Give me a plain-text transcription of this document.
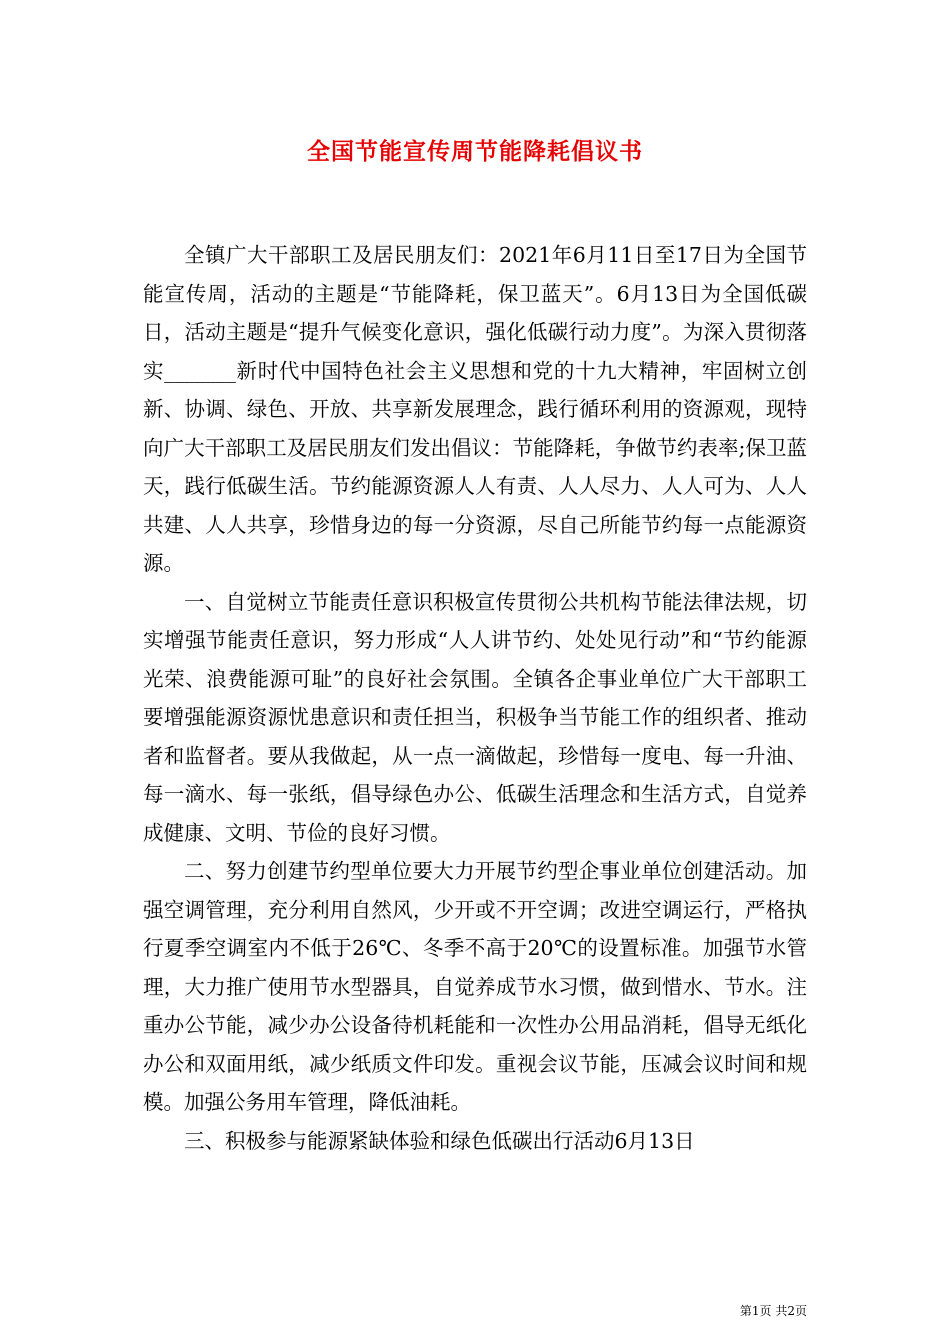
全国节能宣传周节能降耗倡议书

全镇广大干部职工及居民朋友们：2021年6月11日至17日为全国节能宣传周，活动的主题是“节能降耗，保卫蓝天”。6月13日为全国低碳日，活动主题是“提升气候变化意识，强化低碳行动力度”。为深入贯彻落实_______新时代中国特色社会主义思想和党的十九大精神，牢固树立创新、协调、绿色、开放、共享新发展理念，践行循环利用的资源观，现特向广大干部职工及居民朋友们发出倡议：节能降耗，争做节约表率;保卫蓝天，践行低碳生活。节约能源资源人人有责、人人尽力、人人可为、人人共建、人人共享，珍惜身边的每一分资源，尽自己所能节约每一点能源资源。

一、自觉树立节能责任意识积极宣传贯彻公共机构节能法律法规，切实增强节能责任意识，努力形成“人人讲节约、处处见行动”和“节约能源光荣、浪费能源可耻”的良好社会氛围。全镇各企事业单位广大干部职工要增强能源资源忧患意识和责任担当，积极争当节能工作的组织者、推动者和监督者。要从我做起，从一点一滴做起，珍惜每一度电、每一升油、每一滴水、每一张纸，倡导绿色办公、低碳生活理念和生活方式，自觉养成健康、文明、节俭的良好习惯。

二、努力创建节约型单位要大力开展节约型企事业单位创建活动。加强空调管理，充分利用自然风，少开或不开空调；改进空调运行，严格执行夏季空调室内不低于26℃、冬季不高于20℃的设置标准。加强节水管理，大力推广使用节水型器具，自觉养成节水习惯，做到惜水、节水。注重办公节能，减少办公设备待机耗能和一次性办公用品消耗，倡导无纸化办公和双面用纸，减少纸质文件印发。重视会议节能，压减会议时间和规模。加强公务用车管理，降低油耗。

三、积极参与能源紧缺体验和绿色低碳出行活动6月13日

第1页 共2页
